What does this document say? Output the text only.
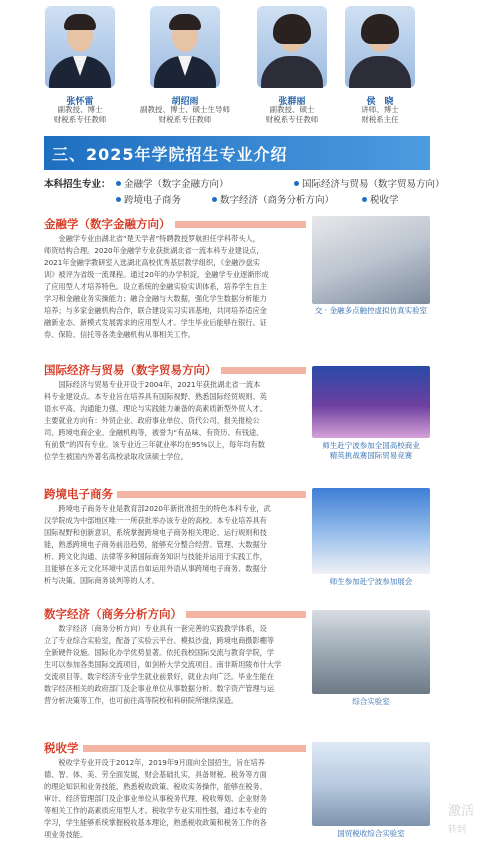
张怀雷
副教授、博士
财税系专任教师
胡绍雨
副教授、博士、硕士生导师
财税系专任教师
张群丽
副教授、硕士
财税系专任教师
侯　晓
讲师、博士
财税系主任
三、2025年学院招生专业介绍
本科招生专业：	金融学（数字金融方向）	国际经济与贸易（数字贸易方向）
跨境电子商务	数字经济（商务分析方向）	税收学
金融学（数字金融方向）
金融学专业由湖北省“楚天学者”特聘教授罗航担任学科带头人，
师资结构合理。2020年金融学专业获批湖北省一流本科专业建设点，
2021年金融学教研室入选湖北高校优秀基层教学组织，《金融沙盘实
训》被评为省级一流课程。通过20年的办学积淀，金融学专业逐渐形成
了应用型人才培养特色。设立系统的金融实验实训体系，培养学生自主
学习和金融业务实操能力；融合金融与大数据，强化学生数据分析能力
培养；与多家金融机构合作，联合建设实习实训基地，共同培养适应金
融新业态、新模式发展需求的应用型人才。学生毕业后能够在银行、证
券、保险、信托等各类金融机构从事相关工作。
交 · 金融多点触控虚拟仿真实验室
国际经济与贸易（数字贸易方向）
国际经济与贸易专业开设于2004年，2021年获批湖北省一流本
科专业建设点。本专业旨在培养具有国际视野、熟悉国际经贸规则、英
语水平高、沟通能力强、理论与实践能力兼备的高素质新型外贸人才。
主要就业方向有：外贸企业、政府事业单位、货代公司、报关报检公
司、跨境电商企业、金融机构等，被誉为“有品味、有资历、有钱途、
有前景”的四有专业。该专业近三年就业率均在95%以上，每年均有数
位学生被国内外著名高校录取攻读硕士学位。
师生赴宁波参加全国高校商业
精英挑战赛国际贸易竞赛
跨境电子商务
跨境电子商务专业是教育部2020年新批准招生的特色本科专业，武
汉学院成为中部地区唯一一所获批举办该专业的高校。本专业培养具有
国际视野和创新意识，系统掌握跨境电子商务相关理论、运行规则和技
能，熟悉跨境电子商务前沿趋势，能够充分整合经营、管理、大数据分
析、跨文化沟通、法律等多种国际商务知识与技能并运用于实践工作，
且能够在多元文化环境中灵活自如运用外语从事跨境电子商务、数据分
析与决策、国际商务谈判等的人才。	师生参加赴宁波参加展会
数字经济（商务分析方向）
数字经济（商务分析方向）专业具有一套完善的实践教学体系，设
立了专业综合实验室，配备了实验云平台、模拟沙盘，跨境电商摄影棚等
全新硬件设施。国际化办学优势显著。依托我校国际交流与教育学院，学
生可以参加各类国际交流项目，如剑桥大学交流项目、南非斯坦陵布什大学
交流项目等。数字经济专业学生就业前景好，就业去向广泛。毕业生能在
数字经济相关的政府部门及企事业单位从事数据分析、数字资产管理与运
营分析决策等工作，也可前往高等院校和科研院所继续深造。	综合实验室
税收学
税收学专业开设于2012年，2019年9月面向全国招生，旨在培养
德、智、体、美、劳全面发展，财会基础扎实，具备财税、税务等方面
的理论知识和业务技能，熟悉税收政策、税收实务操作，能够在税务、
审计、经济管理部门及企事业单位从事税务代理、税收筹划、企业财务
等相关工作的高素质应用型人才。税收学专业实用性强，通过本专业的
学习，学生能够系统掌握税收基本理论，熟悉税收政策和税务工作的各
项业务技能。	国贸税收综合实验室
激活
转到
